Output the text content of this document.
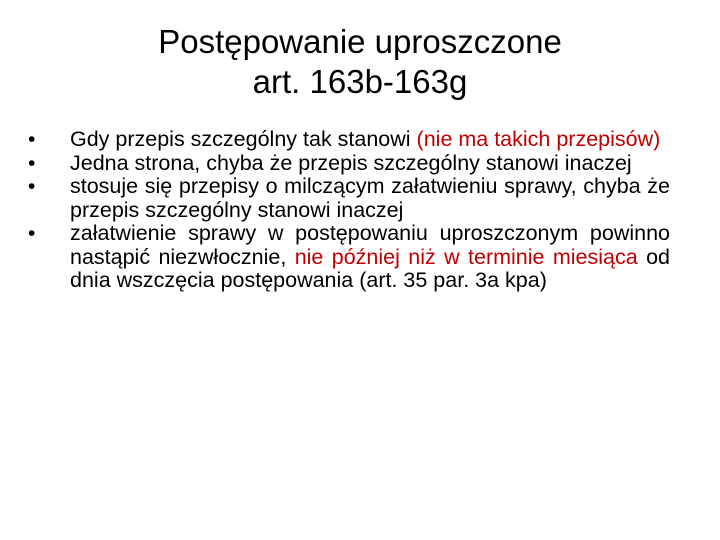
Postępowanie uproszczone
art. 163b-163g
•	Gdy przepis szczególny tak stanowi (nie ma takich przepisów)
•	Jedna strona, chyba że przepis szczególny stanowi inaczej
•	stosuje się przepisy o milczącym załatwieniu sprawy, chyba że przepis szczególny stanowi inaczej
•	załatwienie sprawy w postępowaniu uproszczonym powinno nastąpić niezwłocznie, nie później niż w terminie miesiąca od dnia wszczęcia postępowania (art. 35 par. 3a kpa)
